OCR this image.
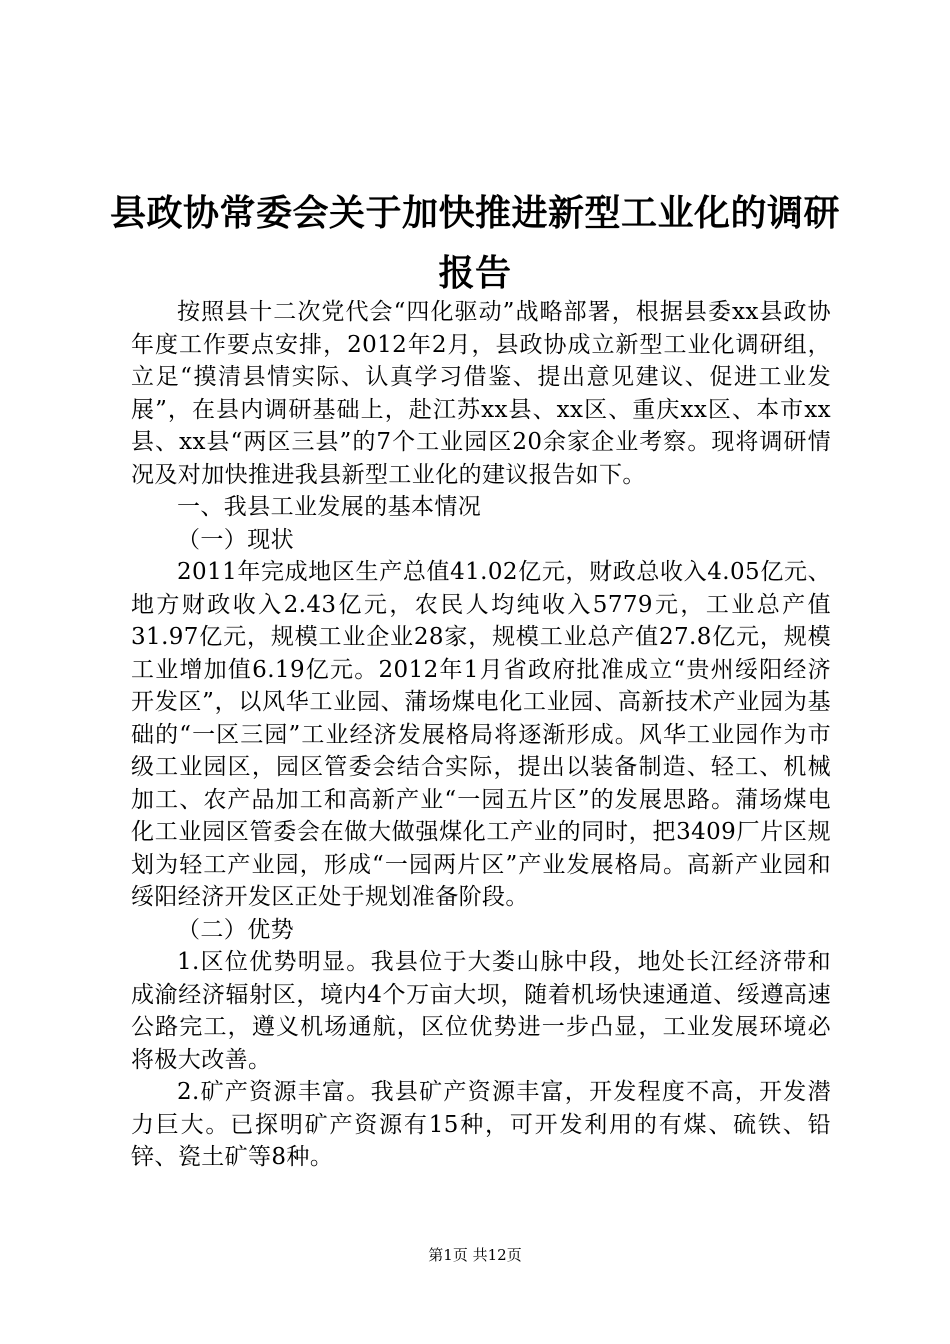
县政协常委会关于加快推进新型工业化的调研报告

按照县十二次党代会“四化驱动”战略部署，根据县委xx县政协年度工作要点安排，2012年2月，县政协成立新型工业化调研组，立足“摸清县情实际、认真学习借鉴、提出意见建议、促进工业发展”，在县内调研基础上，赴江苏xx县、xx区、重庆xx区、本市xx县、xx县“两区三县”的7个工业园区20余家企业考察。现将调研情况及对加快推进我县新型工业化的建议报告如下。

一、我县工业发展的基本情况

（一）现状

2011年完成地区生产总值41.02亿元，财政总收入4.05亿元、地方财政收入2.43亿元，农民人均纯收入5779元，工业总产值31.97亿元，规模工业企业28家，规模工业总产值27.8亿元，规模工业增加值6.19亿元。2012年1月省政府批准成立“贵州绥阳经济开发区”，以风华工业园、蒲场煤电化工业园、高新技术产业园为基础的“一区三园”工业经济发展格局将逐渐形成。风华工业园作为市级工业园区，园区管委会结合实际，提出以装备制造、轻工、机械加工、农产品加工和高新产业“一园五片区”的发展思路。蒲场煤电化工业园区管委会在做大做强煤化工产业的同时，把3409厂片区规划为轻工产业园，形成“一园两片区”产业发展格局。高新产业园和绥阳经济开发区正处于规划准备阶段。

（二）优势

1.区位优势明显。我县位于大娄山脉中段，地处长江经济带和成渝经济辐射区，境内4个万亩大坝，随着机场快速通道、绥遵高速公路完工，遵义机场通航，区位优势进一步凸显，工业发展环境必将极大改善。

2.矿产资源丰富。我县矿产资源丰富，开发程度不高，开发潜力巨大。已探明矿产资源有15种，可开发利用的有煤、硫铁、铅锌、瓷土矿等8种。

第1页 共12页
